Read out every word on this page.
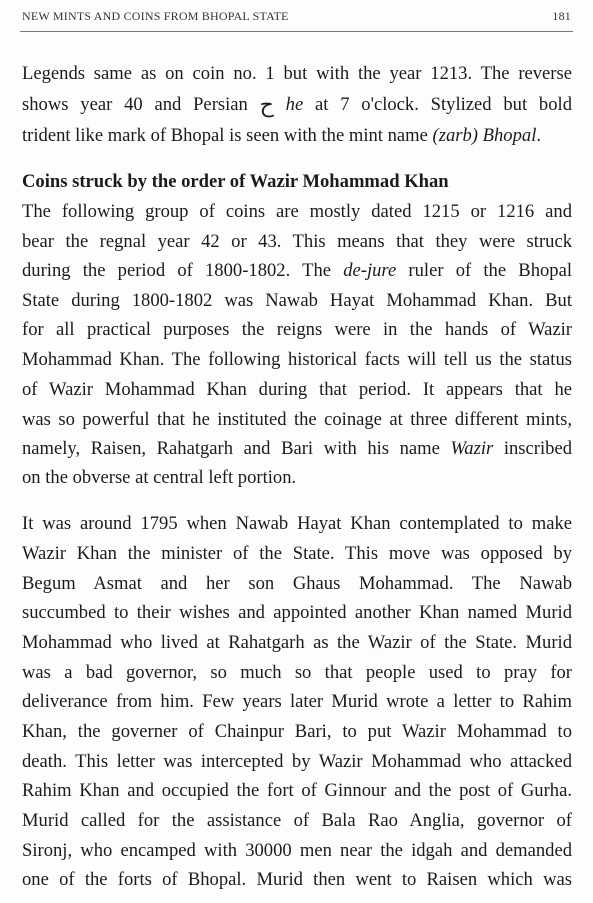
NEW MINTS AND COINS FROM BHOPAL STATE	181
Legends same as on coin no. 1 but with the year 1213. The reverse
shows year 40 and Persian ح he at 7 o'clock. Stylized but bold
trident like mark of Bhopal is seen with the mint name (zarb) Bhopal.
Coins struck by the order of Wazir Mohammad Khan
The following group of coins are mostly dated 1215 or 1216 and
bear the regnal year 42 or 43. This means that they were struck
during the period of 1800-1802. The de-jure ruler of the Bhopal
State during 1800-1802 was Nawab Hayat Mohammad Khan. But
for all practical purposes the reigns were in the hands of Wazir
Mohammad Khan. The following historical facts will tell us the status
of Wazir Mohammad Khan during that period. It appears that he
was so powerful that he instituted the coinage at three different mints,
namely, Raisen, Rahatgarh and Bari with his name Wazir inscribed
on the obverse at central left portion.
It was around 1795 when Nawab Hayat Khan contemplated to make
Wazir Khan the minister of the State. This move was opposed by
Begum Asmat and her son Ghaus Mohammad. The Nawab
succumbed to their wishes and appointed another Khan named Murid
Mohammad who lived at Rahatgarh as the Wazir of the State. Murid
was a bad governor, so much so that people used to pray for
deliverance from him. Few years later Murid wrote a letter to Rahim
Khan, the governer of Chainpur Bari, to put Wazir Mohammad to
death. This letter was intercepted by Wazir Mohammad who attacked
Rahim Khan and occupied the fort of Ginnour and the post of Gurha.
Murid called for the assistance of Bala Rao Anglia, governor of
Sironj, who encamped with 30000 men near the idgah and demanded
one of the forts of Bhopal. Murid then went to Raisen which was
